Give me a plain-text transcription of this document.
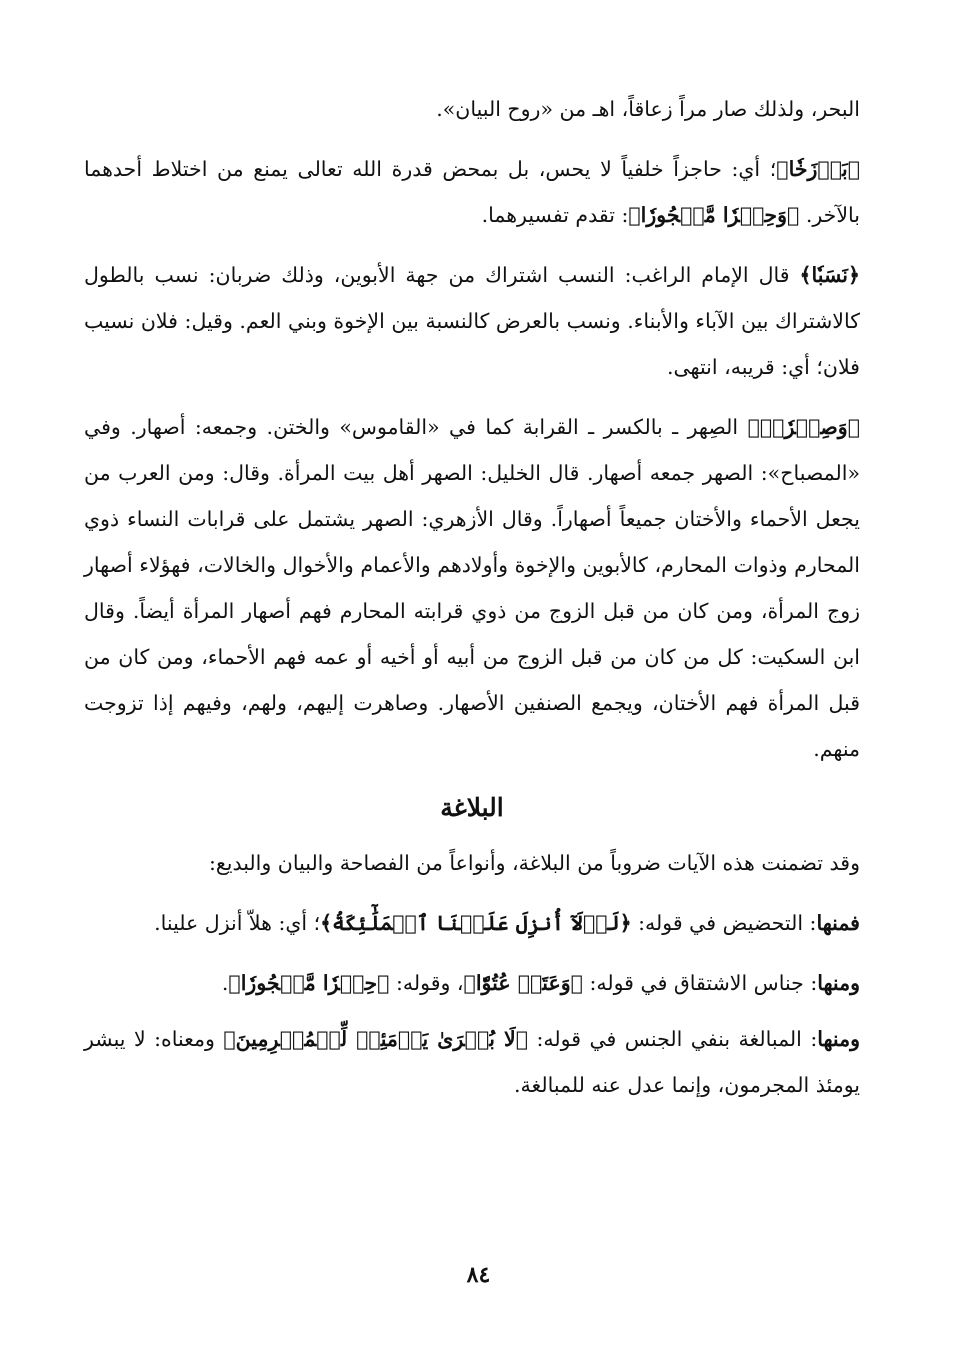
البحر، ولذلك صار مراً زعاقاً، اهـ من «روح البيان».

﴿بَرۡزَخٗا﴾؛ أي: حاجزاً خلفياً لا يحس، بل بمحض قدرة الله تعالى يمنع من اختلاط أحدهما بالآخر. ﴿وَحِجۡرٗا مَّحۡجُورٗا﴾: تقدم تفسيرهما.

﴿نَسَبٗا﴾ قال الإمام الراغب: النسب اشتراك من جهة الأبوين، وذلك ضربان: نسب بالطول كالاشتراك بين الآباء والأبناء. ونسب بالعرض كالنسبة بين الإخوة وبني العم. وقيل: فلان نسيب فلان؛ أي: قريبه، انتهى.

﴿وَصِهۡرٗاۗ﴾ الصِهر ـ بالكسر ـ القرابة كما في «القاموس» والختن. وجمعه: أصهار. وفي «المصباح»: الصهر جمعه أصهار. قال الخليل: الصهر أهل بيت المرأة. وقال: ومن العرب من يجعل الأحماء والأختان جميعاً أصهاراً. وقال الأزهري: الصهر يشتمل على قرابات النساء ذوي المحارم وذوات المحارم، كالأبوين والإخوة وأولادهم والأعمام والأخوال والخالات، فهؤلاء أصهار زوج المرأة، ومن كان من قبل الزوج من ذوي قرابته المحارم فهم أصهار المرأة أيضاً. وقال ابن السكيت: كل من كان من قبل الزوج من أبيه أو أخيه أو عمه فهم الأحماء، ومن كان من قبل المرأة فهم الأختان، ويجمع الصنفين الأصهار. وصاهرت إليهم، ولهم، وفيهم إذا تزوجت منهم.

البلاغة

وقد تضمنت هذه الآيات ضروباً من البلاغة، وأنواعاً من الفصاحة والبيان والبديع:

فمنها: التحضيض في قوله: ﴿لَوۡلَآ أُنزِلَ عَلَيۡنَا ٱلۡمَلَٰٓئِكَةُ﴾؛ أي: هلاّ أنزل علينا.

ومنها: جناس الاشتقاق في قوله: ﴿وَعَتَوۡ عُتُوّٗا﴾، وقوله: ﴿حِجۡرٗا مَّحۡجُورٗا﴾.

ومنها: المبالغة بنفي الجنس في قوله: ﴿لَا بُشۡرَىٰ يَوۡمَئِذٖ لِّلۡمُجۡرِمِينَ﴾ ومعناه: لا يبشر يومئذ المجرمون، وإنما عدل عنه للمبالغة.

٨٤
